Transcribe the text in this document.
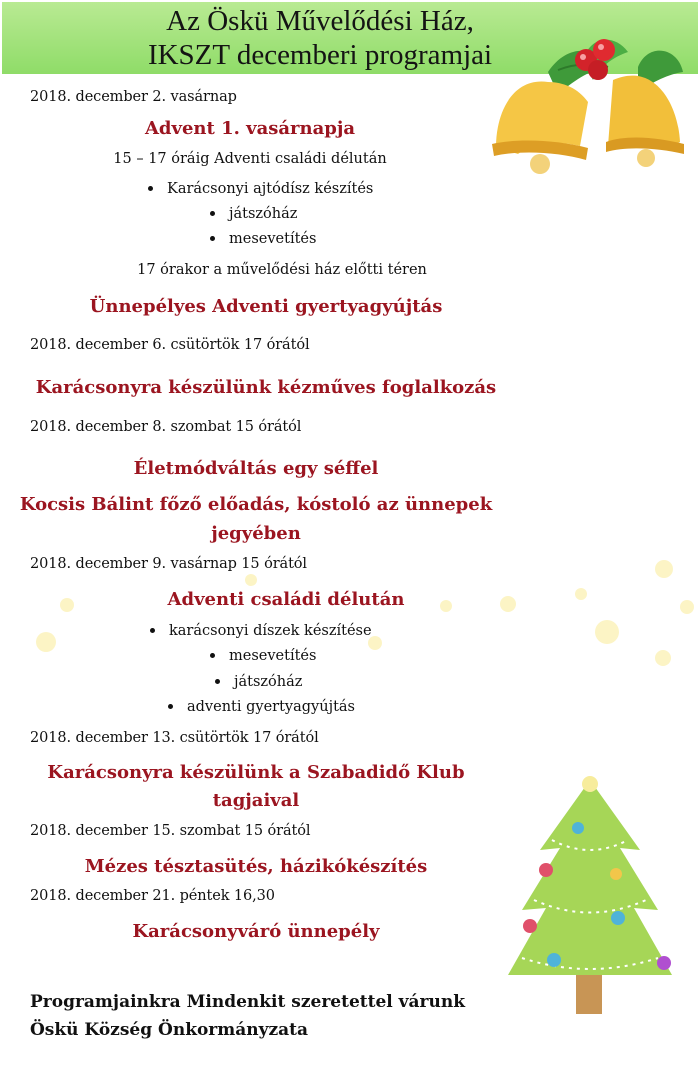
Az Öskü Művelődési Ház,
IKSZT decemberi programjai
2018. december 2. vasárnap
Advent 1. vasárnapja
15 – 17 óráig Adventi családi délután
Karácsonyi ajtódísz készítés
játszóház
mesevetítés
17 órakor a művelődési ház előtti téren
Ünnepélyes Adventi gyertyagyújtás
2018. december 6. csütörtök 17 órától
Karácsonyra készülünk kézműves foglalkozás
2018. december 8. szombat 15 órától
Életmódváltás egy séffel
Kocsis Bálint főző előadás, kóstoló az ünnepek
jegyében
2018. december 9. vasárnap 15 órától
Adventi családi délután
karácsonyi díszek készítése
mesevetítés
játszóház
adventi gyertyagyújtás
2018. december 13. csütörtök 17 órától
Karácsonyra készülünk a Szabadidő Klub
tagjaival
2018. december 15. szombat 15 órától
Mézes tésztasütés, házikókészítés
2018. december 21. péntek 16,30
Karácsonyváró ünnepély
Programjainkra Mindenkit szeretettel várunk
Öskü Község Önkormányzata
